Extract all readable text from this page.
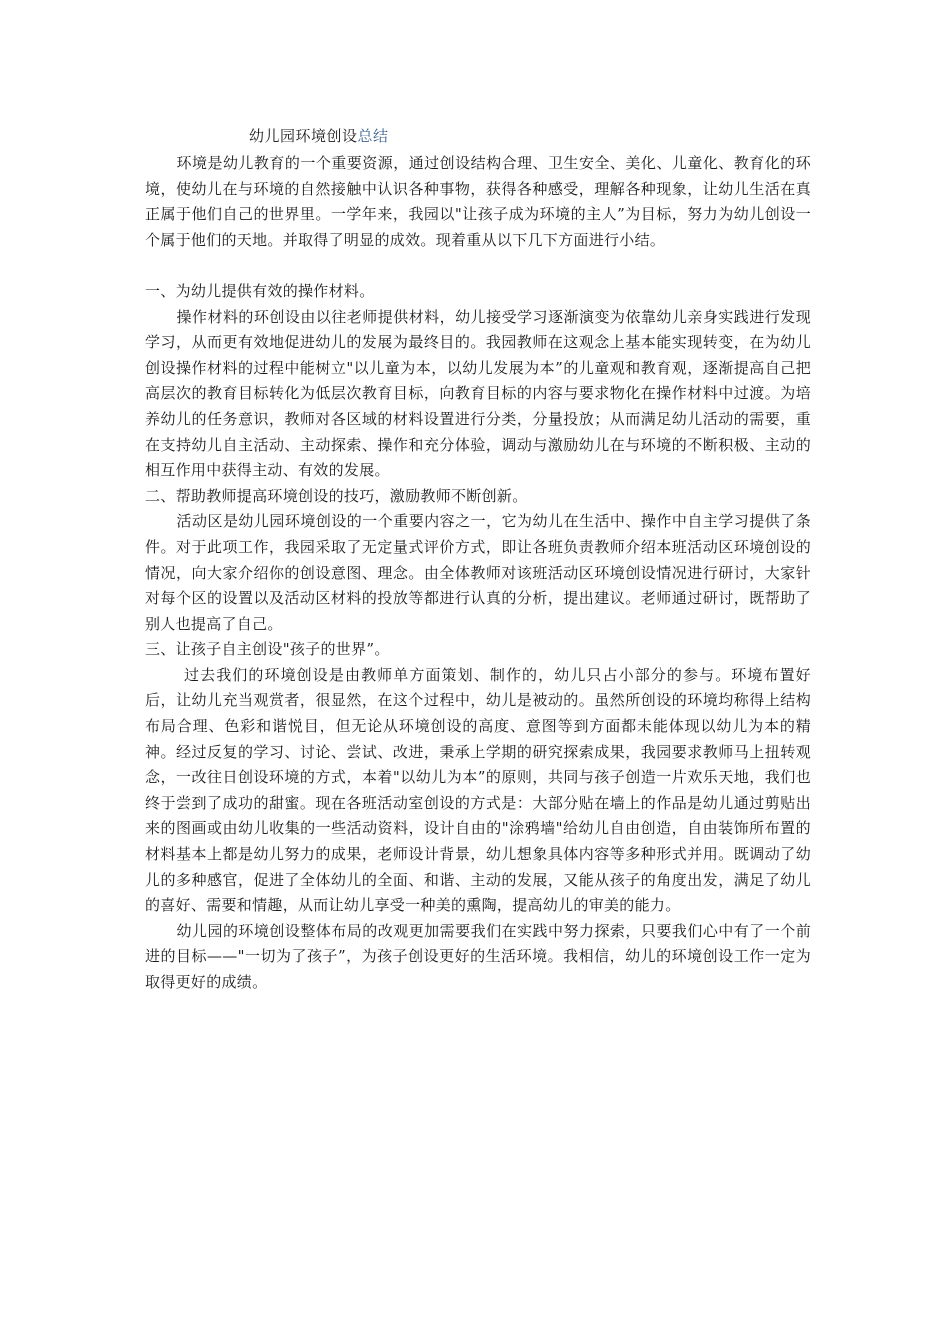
幼儿园环境创设总结

环境是幼儿教育的一个重要资源，通过创设结构合理、卫生安全、美化、儿童化、教育化的环境，使幼儿在与环境的自然接触中认识各种事物，获得各种感受，理解各种现象，让幼儿生活在真正属于他们自己的世界里。一学年来，我园以"让孩子成为环境的主人”为目标，努力为幼儿创设一个属于他们的天地。并取得了明显的成效。现着重从以下几下方面进行小结。

一、为幼儿提供有效的操作材料。

操作材料的环创设由以往老师提供材料，幼儿接受学习逐渐演变为依靠幼儿亲身实践进行发现学习，从而更有效地促进幼儿的发展为最终目的。我园教师在这观念上基本能实现转变，在为幼儿创设操作材料的过程中能树立"以儿童为本，以幼儿发展为本”的儿童观和教育观，逐渐提高自己把高层次的教育目标转化为低层次教育目标，向教育目标的内容与要求物化在操作材料中过渡。为培养幼儿的任务意识，教师对各区域的材料设置进行分类，分量投放；从而满足幼儿活动的需要，重在支持幼儿自主活动、主动探索、操作和充分体验，调动与激励幼儿在与环境的不断积极、主动的相互作用中获得主动、有效的发展。

二、帮助教师提高环境创设的技巧，激励教师不断创新。

活动区是幼儿园环境创设的一个重要内容之一，它为幼儿在生活中、操作中自主学习提供了条件。对于此项工作，我园采取了无定量式评价方式，即让各班负责教师介绍本班活动区环境创设的情况，向大家介绍你的创设意图、理念。由全体教师对该班活动区环境创设情况进行研讨，大家针对每个区的设置以及活动区材料的投放等都进行认真的分析，提出建议。老师通过研讨，既帮助了别人也提高了自己。

三、让孩子自主创设"孩子的世界”。

过去我们的环境创设是由教师单方面策划、制作的，幼儿只占小部分的参与。环境布置好后，让幼儿充当观赏者，很显然，在这个过程中，幼儿是被动的。虽然所创设的环境均称得上结构布局合理、色彩和谐悦目，但无论从环境创设的高度、意图等到方面都未能体现以幼儿为本的精神。经过反复的学习、讨论、尝试、改进，秉承上学期的研究探索成果，我园要求教师马上扭转观念，一改往日创设环境的方式，本着"以幼儿为本”的原则，共同与孩子创造一片欢乐天地，我们也终于尝到了成功的甜蜜。现在各班活动室创设的方式是：大部分贴在墙上的作品是幼儿通过剪贴出来的图画或由幼儿收集的一些活动资料，设计自由的"涂鸦墙"给幼儿自由创造，自由装饰所布置的材料基本上都是幼儿努力的成果，老师设计背景，幼儿想象具体内容等多种形式并用。既调动了幼儿的多种感官，促进了全体幼儿的全面、和谐、主动的发展，又能从孩子的角度出发，满足了幼儿的喜好、需要和情趣，从而让幼儿享受一种美的熏陶，提高幼儿的审美的能力。

幼儿园的环境创设整体布局的改观更加需要我们在实践中努力探索，只要我们心中有了一个前进的目标——"一切为了孩子”，为孩子创设更好的生活环境。我相信，幼儿的环境创设工作一定为取得更好的成绩。
